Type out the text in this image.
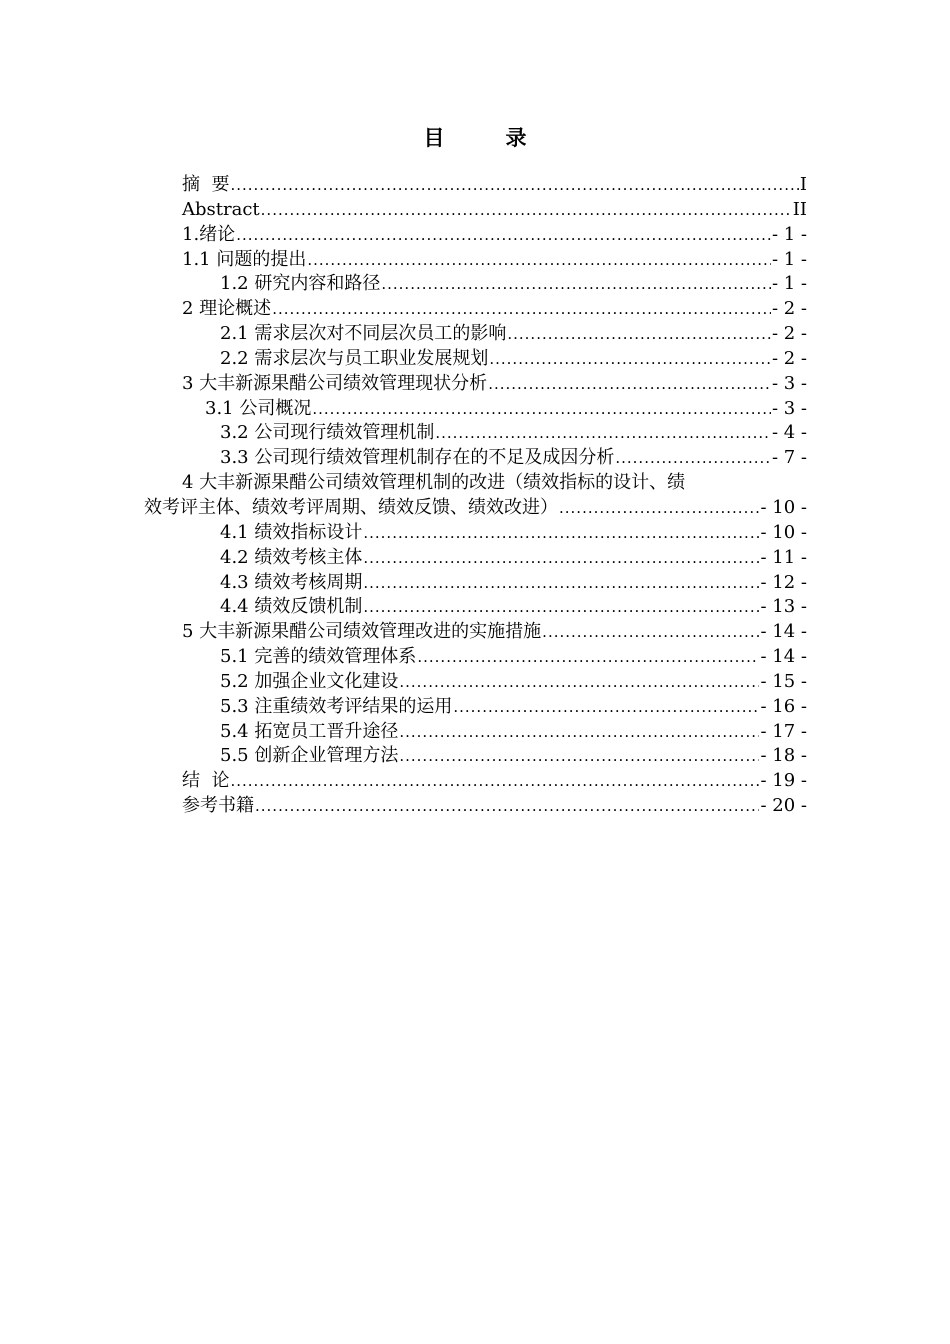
目　录
摘  要 .....	I
Abstract .....	II
1.绪论 .....	- 1 -
1.1 问题的提出 .....	- 1 -
1.2 研究内容和路径 .....	- 1 -
2 理论概述 .....	- 2 -
2.1 需求层次对不同层次员工的影响 .....	- 2 -
2.2 需求层次与员工职业发展规划 .....	- 2 -
3 大丰新源果醋公司绩效管理现状分析 .....	- 3 -
3.1 公司概况 .....	- 3 -
3.2 公司现行绩效管理机制 .....	- 4 -
3.3 公司现行绩效管理机制存在的不足及成因分析 .....	- 7 -
4 大丰新源果醋公司绩效管理机制的改进（绩效指标的设计、绩
效考评主体、绩效考评周期、绩效反馈、绩效改进） .....	- 10 -
4.1 绩效指标设计 .....	- 10 -
4.2 绩效考核主体 .....	- 11 -
4.3 绩效考核周期 .....	- 12 -
4.4 绩效反馈机制 .....	- 13 -
5 大丰新源果醋公司绩效管理改进的实施措施 .....	- 14 -
5.1 完善的绩效管理体系 .....	- 14 -
5.2 加强企业文化建设 .....	- 15 -
5.3 注重绩效考评结果的运用 .....	- 16 -
5.4 拓宽员工晋升途径 .....	- 17 -
5.5 创新企业管理方法 .....	- 18 -
结  论 .....	- 19 -
参考书籍 .....	- 20 -
